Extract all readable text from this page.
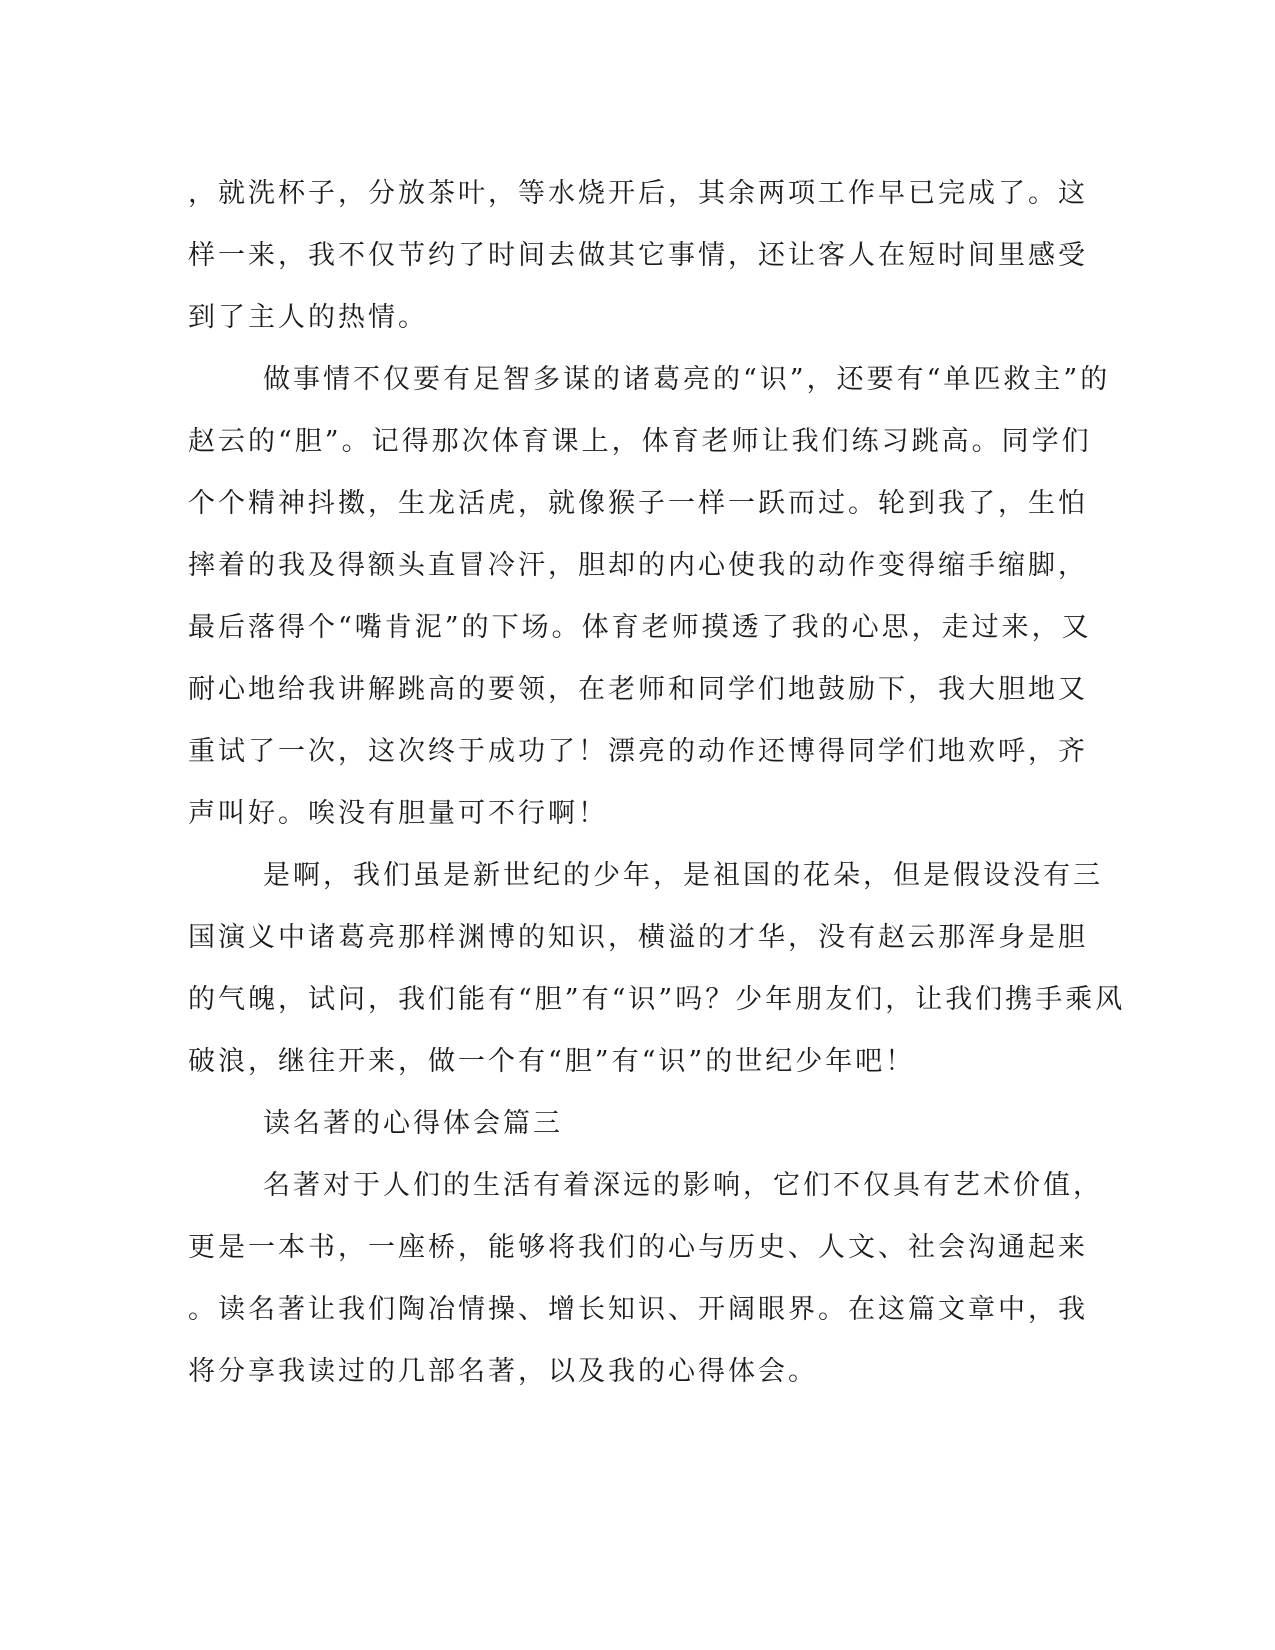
，就洗杯子，分放茶叶，等水烧开后，其余两项工作早已完成了。这
样一来，我不仅节约了时间去做其它事情，还让客人在短时间里感受
到了主人的热情。
做事情不仅要有足智多谋的诸葛亮的“识”，还要有“单匹救主”的
赵云的“胆”。记得那次体育课上，体育老师让我们练习跳高。同学们
个个精神抖擞，生龙活虎，就像猴子一样一跃而过。轮到我了，生怕
摔着的我及得额头直冒冷汗，胆却的内心使我的动作变得缩手缩脚，
最后落得个“嘴肯泥”的下场。体育老师摸透了我的心思，走过来，又
耐心地给我讲解跳高的要领，在老师和同学们地鼓励下，我大胆地又
重试了一次，这次终于成功了！漂亮的动作还博得同学们地欢呼，齐
声叫好。唉没有胆量可不行啊！
是啊，我们虽是新世纪的少年，是祖国的花朵，但是假设没有三
国演义中诸葛亮那样渊博的知识，横溢的才华，没有赵云那浑身是胆
的气魄，试问，我们能有“胆”有“识”吗？少年朋友们，让我们携手乘风
破浪，继往开来，做一个有“胆”有“识”的世纪少年吧！
读名著的心得体会篇三
名著对于人们的生活有着深远的影响，它们不仅具有艺术价值，
更是一本书，一座桥，能够将我们的心与历史、人文、社会沟通起来
。读名著让我们陶冶情操、增长知识、开阔眼界。在这篇文章中，我
将分享我读过的几部名著，以及我的心得体会。
